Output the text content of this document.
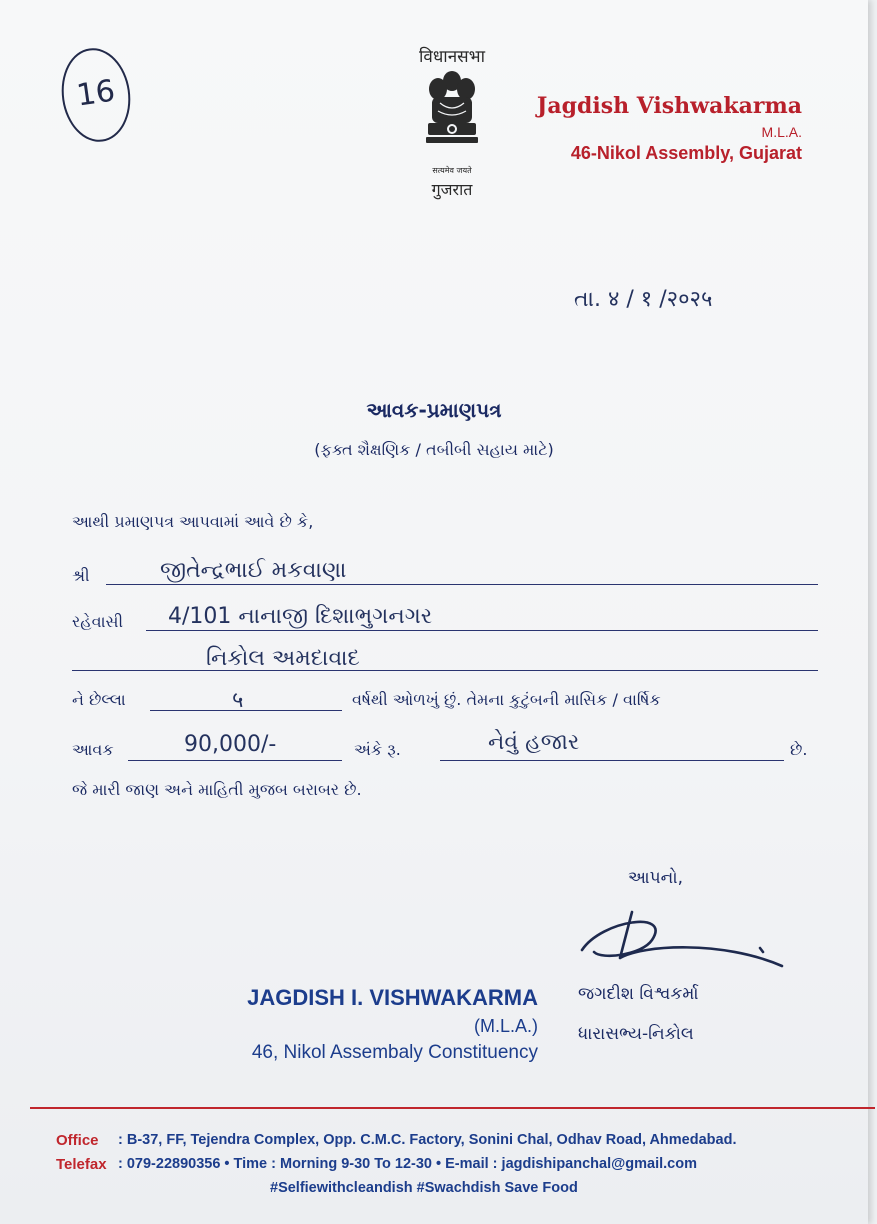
16
विधानसभा
सत्यमेव जयते
गुजरात
Jagdish Vishwakarma
M.L.A.
46-Nikol Assembly, Gujarat
તા. ४ / १ /२०२५
આવક-પ્રમાણપત્ર
(ફક્ત શૈક્ષણિક / તબીબી સહાય માટે)
આથી પ્રમાણપત્ર આપવામાં આવે છે કે,
શ્રી	જીતેન્દ્રભાઈ મકવાણા
રહેવાસી 4/101 નાનાજી દિશાભુગનગર
નિકોલ અમદાવાદ
ને છેલ્લા	५	વર્ષથી ઓળખું છું. તેમના કુટુંબની માસિક / વાર્ષિક
આવક	90,000/-	અંકે રૂ.	નેવું હજાર	છે.
જે મારી જાણ અને માહિતી મુજબ બરાબર છે.
આપનો,
જગદીશ વિશ્વકર્મા
ધારાસભ્ય-નિકોલ
JAGDISH I. VISHWAKARMA
(M.L.A.)
46, Nikol Assembaly Constituency
Office : B-37, FF, Tejendra Complex, Opp. C.M.C. Factory, Sonini Chal, Odhav Road, Ahmedabad.
Telefax : 079-22890356 • Time : Morning 9-30 To 12-30 • E-mail : jagdishipanchal@gmail.com
#Selfiewithcleandish #Swachdish Save Food
